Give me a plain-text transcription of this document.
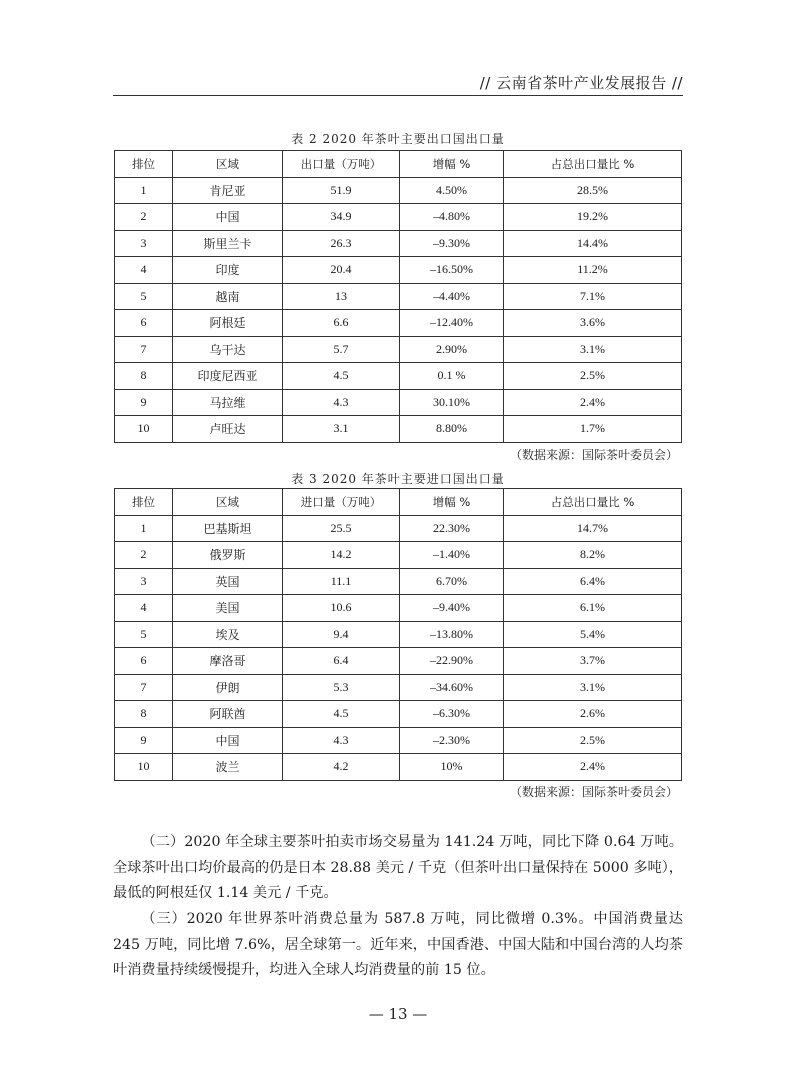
// 云南省茶叶产业发展报告 //
表 2 2020 年茶叶主要出口国出口量
排位	区域	出口量（万吨）	增幅 %	占总出口量比 %
1	肯尼亚	51.9	4.50%	28.5%
2	中国	34.9	–4.80%	19.2%
3	斯里兰卡	26.3	–9.30%	14.4%
4	印度	20.4	–16.50%	11.2%
5	越南	13	–4.40%	7.1%
6	阿根廷	6.6	–12.40%	3.6%
7	乌干达	5.7	2.90%	3.1%
8	印度尼西亚	4.5	0.1 %	2.5%
9	马拉维	4.3	30.10%	2.4%
10	卢旺达	3.1	8.80%	1.7%
（数据来源：国际茶叶委员会）
表 3 2020 年茶叶主要进口国出口量
排位	区域	进口量（万吨）	增幅 %	占总出口量比 %
1	巴基斯坦	25.5	22.30%	14.7%
2	俄罗斯	14.2	–1.40%	8.2%
3	英国	11.1	6.70%	6.4%
4	美国	10.6	–9.40%	6.1%
5	埃及	9.4	–13.80%	5.4%
6	摩洛哥	6.4	–22.90%	3.7%
7	伊朗	5.3	–34.60%	3.1%
8	阿联酋	4.5	–6.30%	2.6%
9	中国	4.3	–2.30%	2.5%
10	波兰	4.2	10%	2.4%
（数据来源：国际茶叶委员会）

（二）2020 年全球主要茶叶拍卖市场交易量为 141.24 万吨，同比下降 0.64 万吨。全球茶叶出口均价最高的仍是日本 28.88 美元 / 千克（但茶叶出口量保持在 5000 多吨），最低的阿根廷仅 1.14 美元 / 千克。

（三）2020 年世界茶叶消费总量为 587.8 万吨，同比微增 0.3%。中国消费量达 245 万吨，同比增 7.6%，居全球第一。近年来，中国香港、中国大陆和中国台湾的人均茶叶消费量持续缓慢提升，均进入全球人均消费量的前 15 位。

— 13 —
